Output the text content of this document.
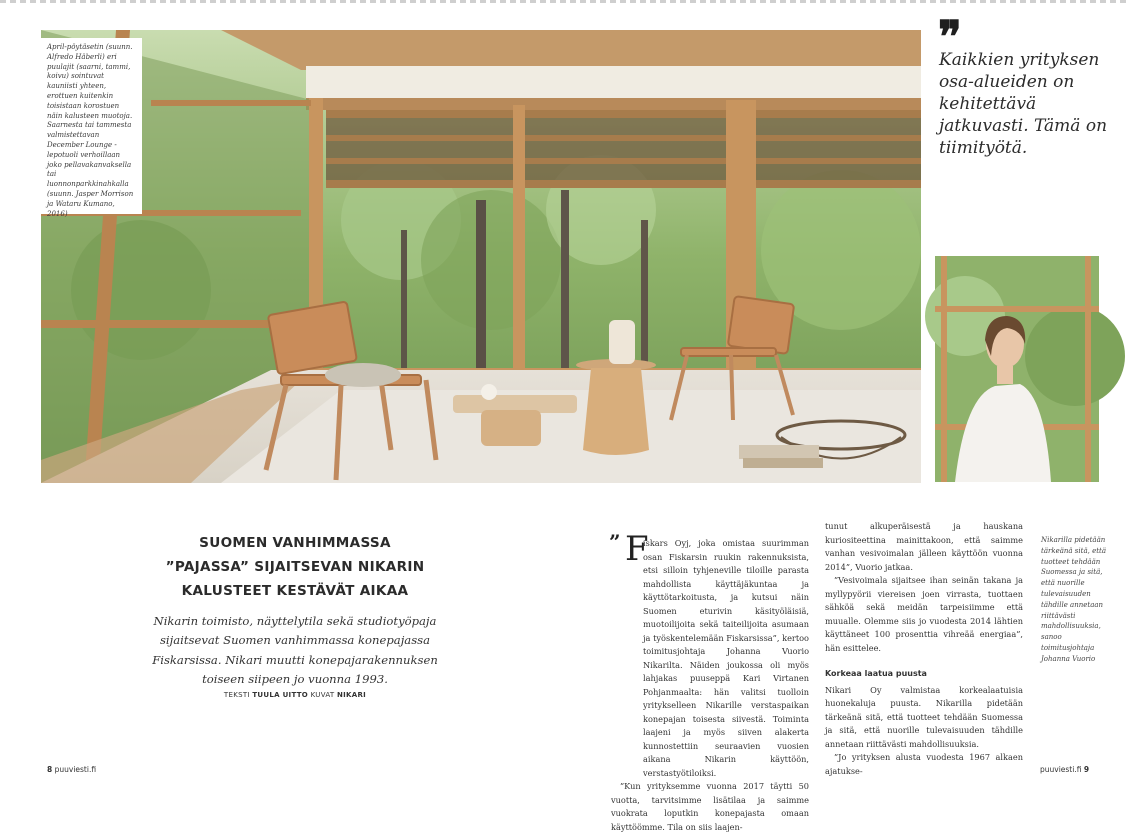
April-pöytäsetin (suunn. Alfredo Häberli) eri puulajit (saarni, tammi, koivu) sointuvat kauniisti yhteen, erottuen kuitenkin toisistaan korostuen näin kalusteen muotoja. Saarnesta tai tammesta valmistettavan December Lounge -lepotuoli verhoillaan joko pellavakanvaksella tai luonnonparkkinahkalla (suunn. Jasper Morrison ja Wataru Kumano, 2016)
❞
Kaikkien yrityksen osa-alueiden on kehitettävä jatkuvasti. Tämä on tiimityötä.
SUOMEN VANHIMMASSA
”PAJASSA” SIJAITSEVAN NIKARIN
KALUSTEET KESTÄVÄT AIKAA
Nikarin toimisto, näyttelytila sekä studiotyöpaja sijaitsevat Suomen vanhimmassa konepajassa Fiskarsissa. Nikari muutti konepajarakennuksen toiseen siipeen jo vuonna 1993.
TEKSTI TUULA UITTO KUVAT NIKARI
” F

iskars Oyj, joka omistaa suurimman osan Fiskarsin ruukin rakennuksista, etsi silloin tyhjeneville tiloille parasta mahdollista käyttäjäkuntaa ja käyttötarkoitusta, ja kutsui näin Suomen eturivin käsityöläisiä, muotoilijoita sekä taiteilijoita asumaan ja työskentelemään Fiskarsissa”, kertoo toimitusjohtaja Johanna Vuorio Nikarilta. Näiden joukossa oli myös lahjakas puuseppä Kari Virtanen Pohjanmaalta: hän valitsi tuolloin yritykselleen Nikarille verstaspaikan konepajan toisesta siivestä. Toiminta laajeni ja myös siiven alakerta kunnostettiin seuraavien vuosien aikana Nikarin käyttöön, verstastyötiloiksi.

”Kun yrityksemme vuonna 2017 täytti 50 vuotta, tarvitsimme lisätilaa ja saimme vuokrata loputkin konepajasta omaan käyttöömme. Tila on siis laajen-

tunut alkuperäisestä ja hauskana kuriositeettina mainittakoon, että saimme vanhan vesivoimalan jälleen käyttöön vuonna 2014”, Vuorio jatkaa.

”Vesivoimala sijaitsee ihan seinän takana ja myllypyörii viereisen joen virrasta, tuottaen sähköä sekä meidän tarpeisiimme että muualle. Olemme siis jo vuodesta 2014 lähtien käyttäneet 100 prosenttia vihreää energiaa”, hän esittelee.

Korkeaa laatua puusta

Nikari Oy valmistaa korkealaatuisia huonekaluja puusta. Nikarilla pidetään tärkeänä sitä, että tuotteet tehdään Suomessa ja sitä, että nuorille tulevaisuuden tähdille annetaan riittävästi mahdollisuuksia.

”Jo yrityksen alusta vuodesta 1967 alkaen ajatukse-

Nikarilla pidetään tärkeänä sitä, että tuotteet tehdään Suomessa ja sitä, että nuorille tulevaisuuden tähdille annetaan riittävästi mahdollisuuksia, sanoo toimitusjohtaja Johanna Vuorio
8 puuviesti.fi	puuviesti.fi 9
